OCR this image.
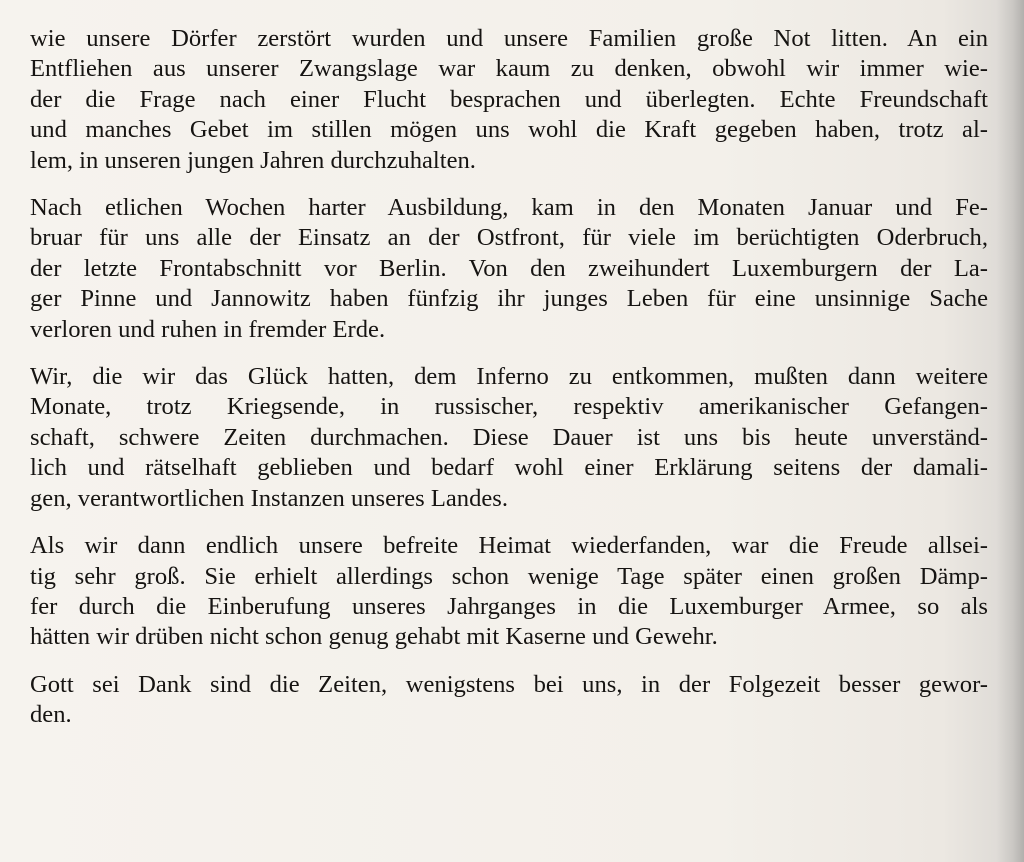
wie unsere Dörfer zerstört wurden und unsere Familien große Not litten. An ein
Entfliehen aus unserer Zwangslage war kaum zu denken, obwohl wir immer wie-
der die Frage nach einer Flucht besprachen und überlegten. Echte Freundschaft
und manches Gebet im stillen mögen uns wohl die Kraft gegeben haben, trotz al-
lem, in unseren jungen Jahren durchzuhalten.

Nach etlichen Wochen harter Ausbildung, kam in den Monaten Januar und Fe-
bruar für uns alle der Einsatz an der Ostfront, für viele im berüchtigten Oderbruch,
der letzte Frontabschnitt vor Berlin. Von den zweihundert Luxemburgern der La-
ger Pinne und Jannowitz haben fünfzig ihr junges Leben für eine unsinnige Sache
verloren und ruhen in fremder Erde.

Wir, die wir das Glück hatten, dem Inferno zu entkommen, mußten dann weitere
Monate, trotz Kriegsende, in russischer, respektiv amerikanischer Gefangen-
schaft, schwere Zeiten durchmachen. Diese Dauer ist uns bis heute unverständ-
lich und rätselhaft geblieben und bedarf wohl einer Erklärung seitens der damali-
gen, verantwortlichen Instanzen unseres Landes.

Als wir dann endlich unsere befreite Heimat wiederfanden, war die Freude allsei-
tig sehr groß. Sie erhielt allerdings schon wenige Tage später einen großen Dämp-
fer durch die Einberufung unseres Jahrganges in die Luxemburger Armee, so als
hätten wir drüben nicht schon genug gehabt mit Kaserne und Gewehr.

Gott sei Dank sind die Zeiten, wenigstens bei uns, in der Folgezeit besser gewor-
den.
